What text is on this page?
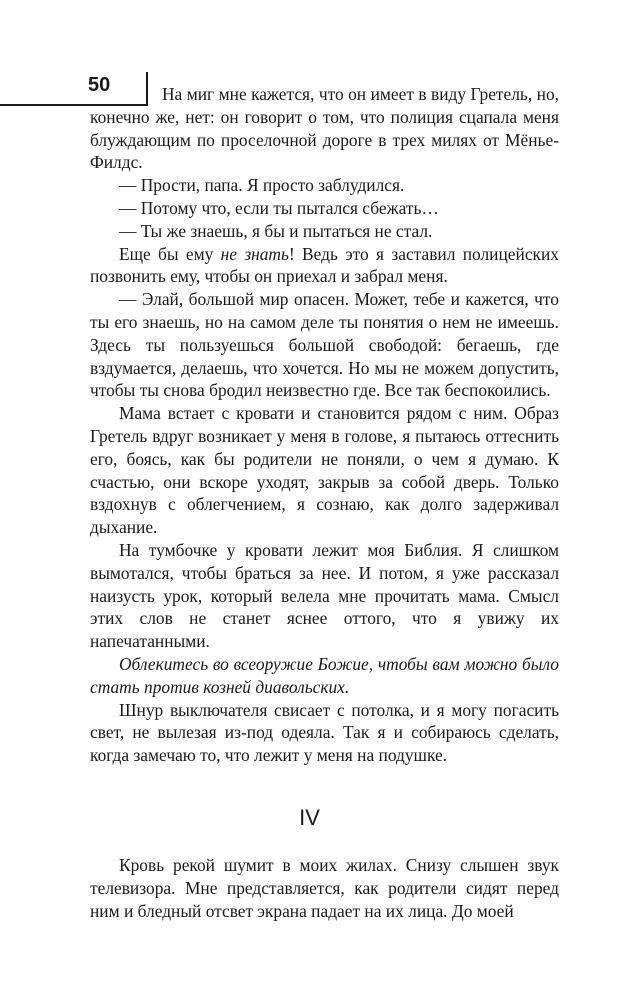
50	На миг мне кажется, что он имеет в виду Гретель, но, конечно же, нет: он говорит о том, что полиция сцапала меня блуждающим по проселочной дороге в трех милях от Мёнье-Филдс.

— Прости, папа. Я просто заблудился.

— Потому что, если ты пытался сбежать…

— Ты же знаешь, я бы и пытаться не стал.

Еще бы ему не знать! Ведь это я заставил полицейских позвонить ему, чтобы он приехал и забрал меня.

— Элай, большой мир опасен. Может, тебе и кажется, что ты его знаешь, но на самом деле ты понятия о нем не имеешь. Здесь ты пользуешься большой свободой: бегаешь, где вздумается, делаешь, что хочется. Но мы не можем допустить, чтобы ты снова бродил неизвестно где. Все так беспокоились.

Мама встает с кровати и становится рядом с ним. Образ Гретель вдруг возникает у меня в голове, я пытаюсь оттеснить его, боясь, как бы родители не поняли, о чем я думаю. К счастью, они вскоре уходят, закрыв за собой дверь. Только вздохнув с облегчением, я сознаю, как долго задерживал дыхание.

На тумбочке у кровати лежит моя Библия. Я слишком вымотался, чтобы браться за нее. И потом, я уже рассказал наизусть урок, который велела мне прочитать мама. Смысл этих слов не станет яснее оттого, что я увижу их напечатанными.

Облекитесь во всеоружие Божие, чтобы вам можно было стать против козней диавольских.

Шнур выключателя свисает с потолка, и я могу погасить свет, не вылезая из-под одеяла. Так я и собираюсь сделать, когда замечаю то, что лежит у меня на подушке.

IV

Кровь рекой шумит в моих жилах. Снизу слышен звук телевизора. Мне представляется, как родители сидят перед ним и бледный отсвет экрана падает на их лица. До моей
